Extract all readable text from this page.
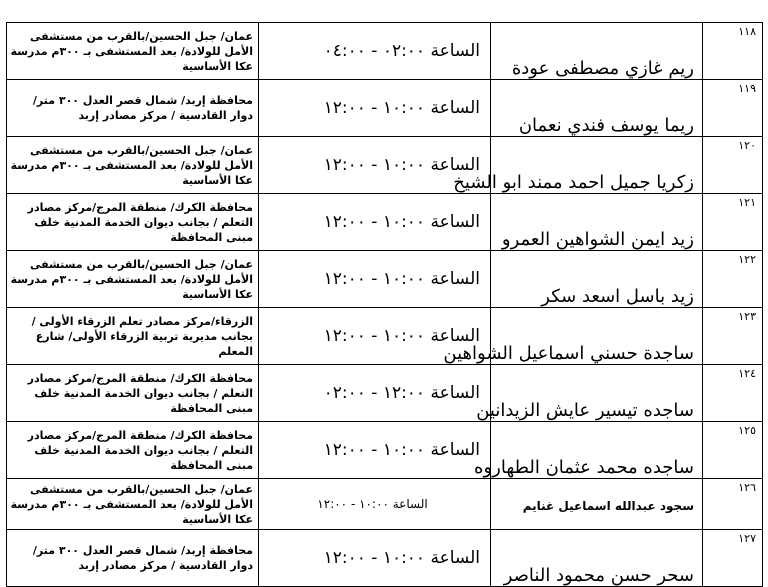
١١٨	ريم غازي مصطفى عودة	الساعة ٠٢:٠٠ - ٠٤:٠٠	عمان/ جبل الحسين/بالقرب من مستشفى الأمل للولادة/ بعد المستشفى بـ ٣٠٠م مدرسة عكا الأساسية
١١٩	ريما يوسف فندي نعمان	الساعة ١٠:٠٠ - ١٢:٠٠	محافظة إربد/ شمال قصر العدل ٣٠٠ متر/ دوار القادسية / مركز مصادر إربد
١٢٠	زكريا جميل احمد ممند ابو الشيخ	الساعة ١٠:٠٠ - ١٢:٠٠	عمان/ جبل الحسين/بالقرب من مستشفى الأمل للولادة/ بعد المستشفى بـ ٣٠٠م مدرسة عكا الأساسية
١٢١	زيد ايمن الشواهين العمرو	الساعة ١٠:٠٠ - ١٢:٠٠	محافظة الكرك/ منطقة المرج/مركز مصادر التعلم / بجانب ديوان الخدمة المدنية خلف مبنى المحافظة
١٢٢	زيد باسل اسعد سكر	الساعة ١٠:٠٠ - ١٢:٠٠	عمان/ جبل الحسين/بالقرب من مستشفى الأمل للولادة/ بعد المستشفى بـ ٣٠٠م مدرسة عكا الأساسية
١٢٣	ساجدة حسني اسماعيل الشواهين	الساعة ١٠:٠٠ - ١٢:٠٠	الزرقاء/مركز مصادر تعلم الزرقاء الأولى /بجانب مديرية تربية الزرقاء الأولى/ شارع المعلم
١٢٤	ساجده تيسير عايش الزيدانين	الساعة ١٢:٠٠ - ٠٢:٠٠	محافظة الكرك/ منطقة المرج/مركز مصادر التعلم / بجانب ديوان الخدمة المدنية خلف مبنى المحافظة
١٢٥	ساجده محمد عثمان الطهاروه	الساعة ١٠:٠٠ - ١٢:٠٠	محافظة الكرك/ منطقة المرج/مركز مصادر التعلم / بجانب ديوان الخدمة المدنية خلف مبنى المحافظة
١٢٦	سجود عبدالله اسماعيل غنايم	الساعة ١٠:٠٠ - ١٢:٠٠	عمان/ جبل الحسين/بالقرب من مستشفى الأمل للولادة/ بعد المستشفى بـ ٣٠٠م مدرسة عكا الأساسية
١٢٧	سحر حسن محمود الناصر	الساعة ١٠:٠٠ - ١٢:٠٠	محافظة إربد/ شمال قصر العدل ٣٠٠ متر/ دوار القادسية / مركز مصادر إربد
